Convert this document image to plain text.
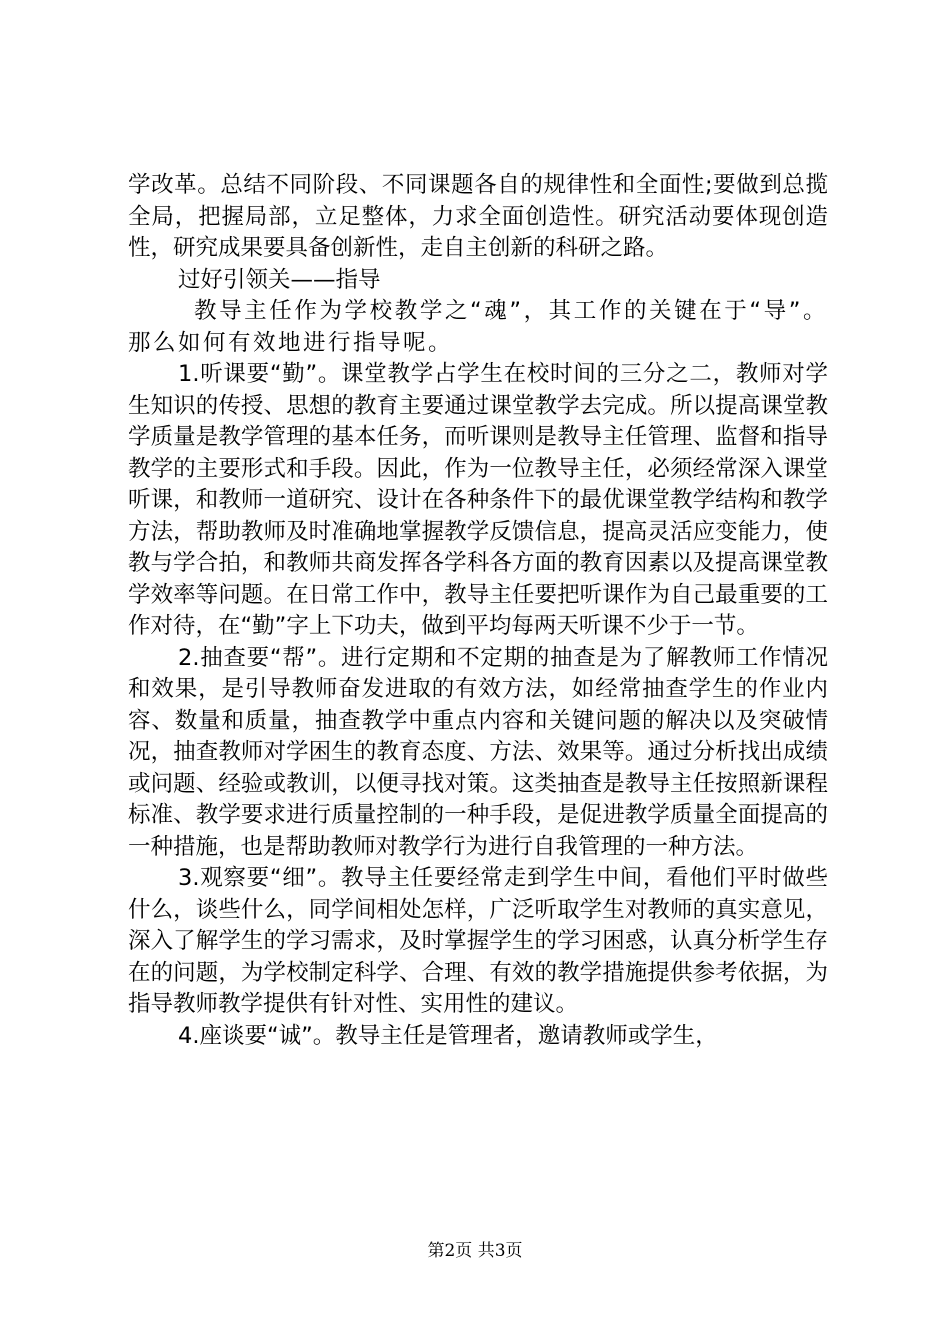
学改革。总结不同阶段、不同课题各自的规律性和全面性;要做到总揽全局，把握局部，立足整体，力求全面创造性。研究活动要体现创造性，研究成果要具备创新性，走自主创新的科研之路。

过好引领关——指导

教导主任作为学校教学之“魂”，其工作的关键在于“导”。那么如何有效地进行指导呢。

1.听课要“勤”。课堂教学占学生在校时间的三分之二，教师对学生知识的传授、思想的教育主要通过课堂教学去完成。所以提高课堂教学质量是教学管理的基本任务，而听课则是教导主任管理、监督和指导教学的主要形式和手段。因此，作为一位教导主任，必须经常深入课堂听课，和教师一道研究、设计在各种条件下的最优课堂教学结构和教学方法，帮助教师及时准确地掌握教学反馈信息，提高灵活应变能力，使教与学合拍，和教师共商发挥各学科各方面的教育因素以及提高课堂教学效率等问题。在日常工作中，教导主任要把听课作为自己最重要的工作对待，在“勤”字上下功夫，做到平均每两天听课不少于一节。

2.抽查要“帮”。进行定期和不定期的抽查是为了解教师工作情况和效果，是引导教师奋发进取的有效方法，如经常抽查学生的作业内容、数量和质量，抽查教学中重点内容和关键问题的解决以及突破情况，抽查教师对学困生的教育态度、方法、效果等。通过分析找出成绩或问题、经验或教训，以便寻找对策。这类抽查是教导主任按照新课程标准、教学要求进行质量控制的一种手段，是促进教学质量全面提高的一种措施，也是帮助教师对教学行为进行自我管理的一种方法。

3.观察要“细”。教导主任要经常走到学生中间，看他们平时做些什么，谈些什么，同学间相处怎样，广泛听取学生对教师的真实意见，深入了解学生的学习需求，及时掌握学生的学习困惑，认真分析学生存在的问题，为学校制定科学、合理、有效的教学措施提供参考依据，为指导教师教学提供有针对性、实用性的建议。

4.座谈要“诚”。教导主任是管理者，邀请教师或学生，

第2页 共3页
